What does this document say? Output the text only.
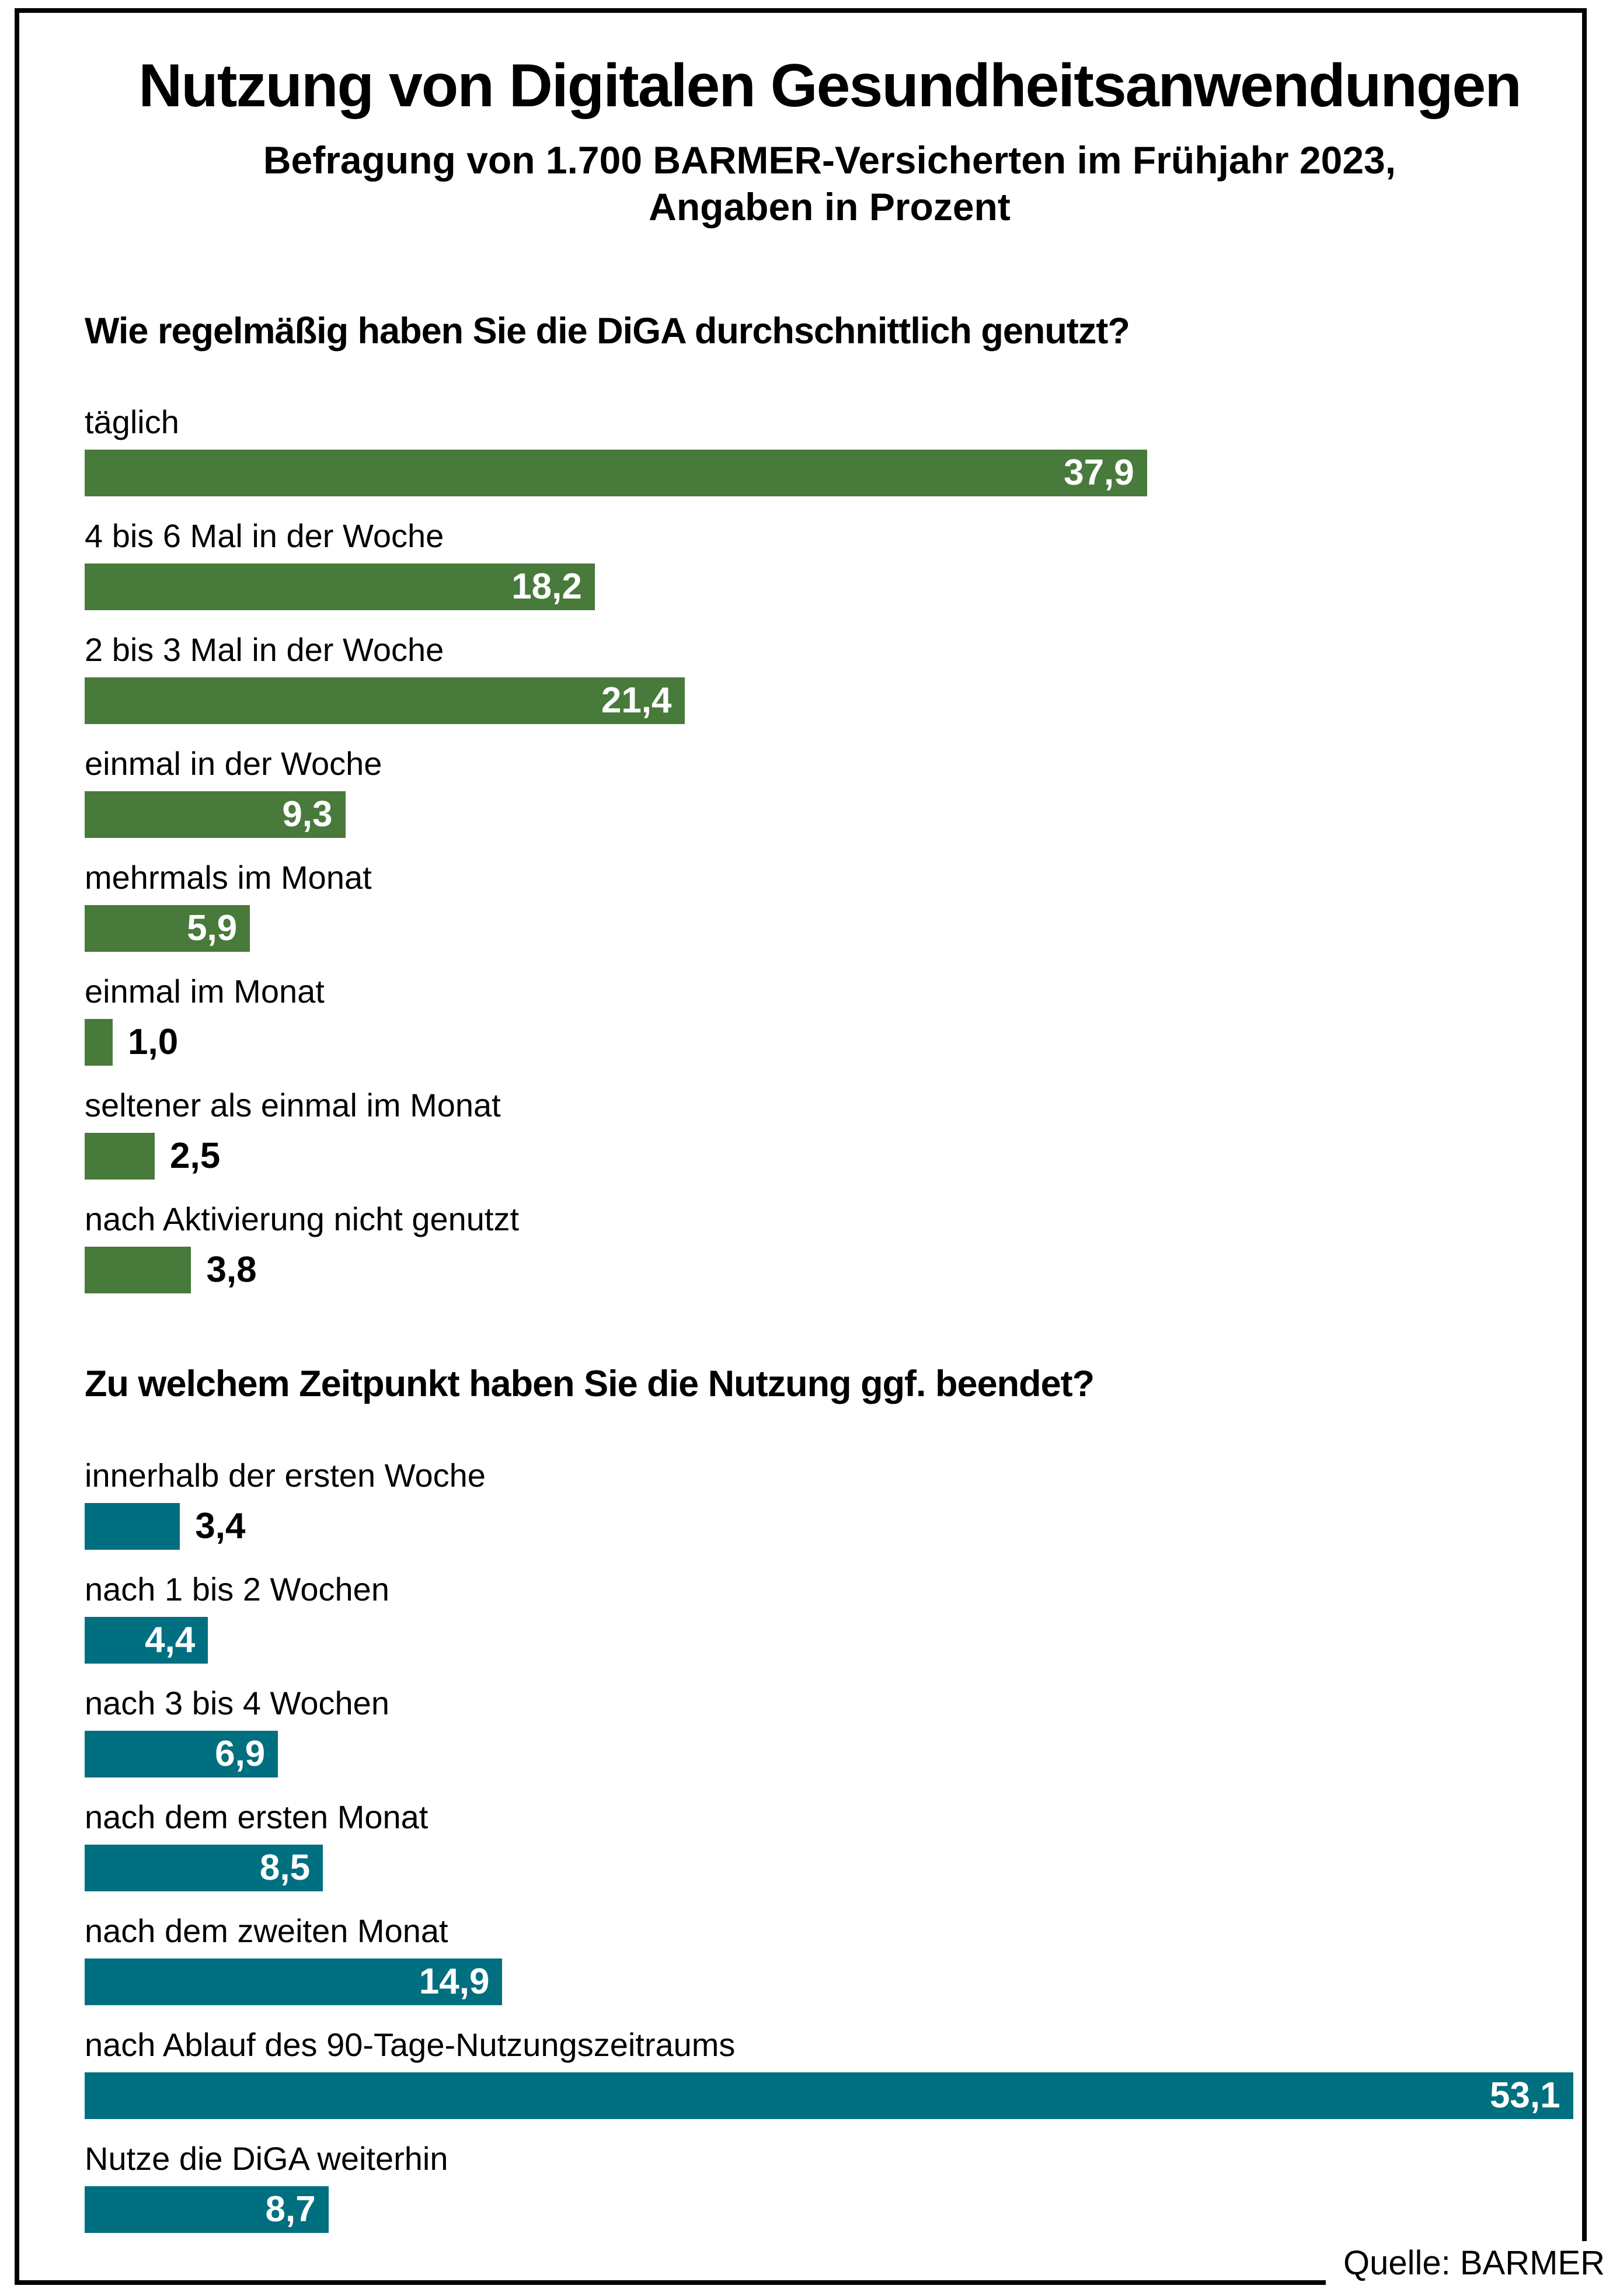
Nutzung von Digitalen Gesundheitsanwendungen
Befragung von 1.700 BARMER-Versicherten im Frühjahr 2023,
Angaben in Prozent
Wie regelmäßig haben Sie die DiGA durchschnittlich genutzt?
täglich
37,9
4 bis 6 Mal in der Woche
18,2
2 bis 3 Mal in der Woche
21,4
einmal in der Woche
9,3
mehrmals im Monat
5,9
einmal im Monat
1,0
seltener als einmal im Monat
2,5
nach Aktivierung nicht genutzt
3,8
Zu welchem Zeitpunkt haben Sie die Nutzung ggf. beendet?
innerhalb der ersten Woche
3,4
nach 1 bis 2 Wochen
4,4
nach 3 bis 4 Wochen
6,9
nach dem ersten Monat
8,5
nach dem zweiten Monat
14,9
nach Ablauf des 90-Tage-Nutzungszeitraums
53,1
Nutze die DiGA weiterhin
8,7
Quelle: BARMER
